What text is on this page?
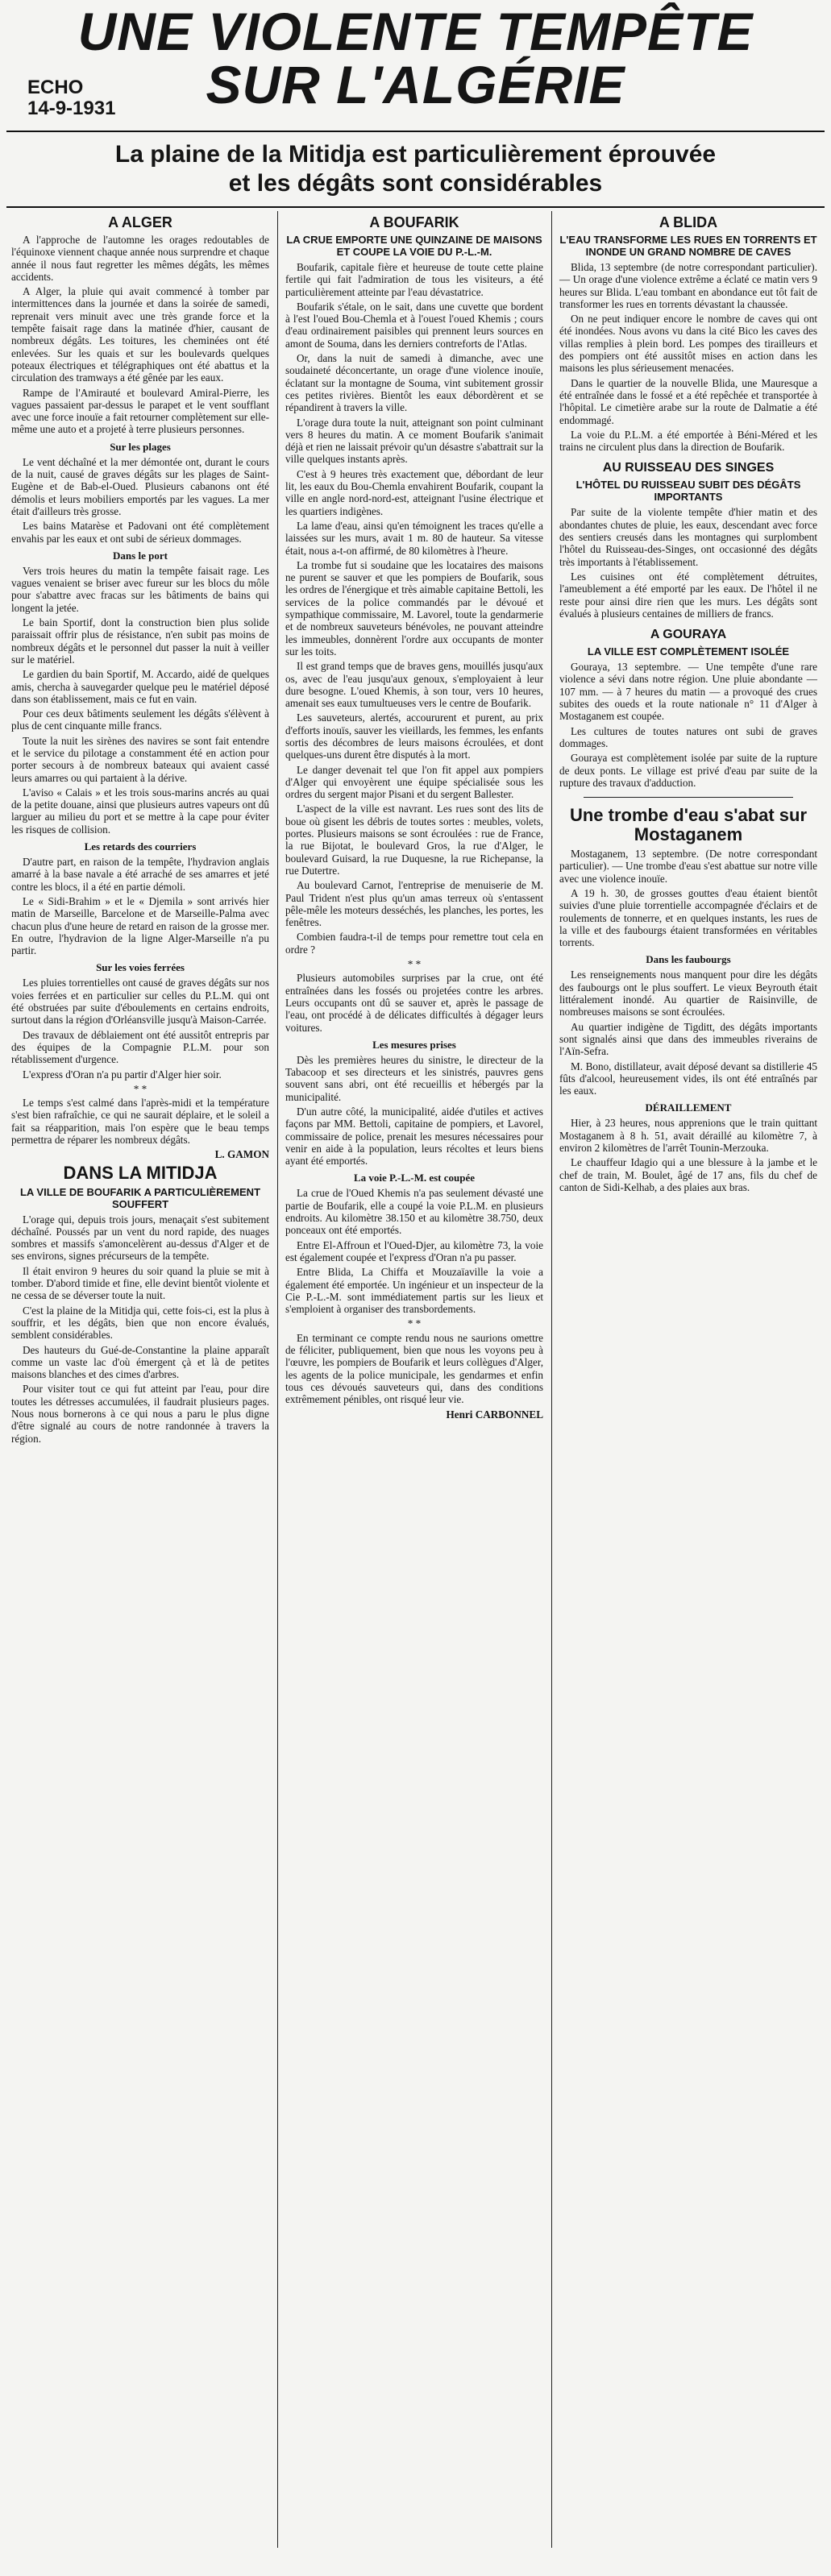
UNE VIOLENTE TEMPÊTE
SUR L'ALGÉRIE
ECHO
14-9-1931
La plaine de la Mitidja est particulièrement éprouvée
et les dégâts sont considérables
A ALGER

A l'approche de l'automne les orages redoutables de l'équinoxe viennent chaque année nous surprendre et chaque année il nous faut regretter les mêmes dégâts, les mêmes accidents.

A Alger, la pluie qui avait commencé à tomber par intermittences dans la journée et dans la soirée de samedi, reprenait vers minuit avec une très grande force et la tempête faisait rage dans la matinée d'hier, causant de nombreux dégâts. Les toitures, les cheminées ont été enlevées. Sur les quais et sur les boulevards quelques poteaux électriques et télégraphiques ont été abattus et la circulation des tramways a été gênée par les eaux.

Rampe de l'Amirauté et boulevard Amiral-Pierre, les vagues passaient par-dessus le parapet et le vent soufflant avec une force inouïe a fait retourner complètement sur elle-même une auto et a projeté à terre plusieurs personnes.

Sur les plages

Le vent déchaîné et la mer démontée ont, durant le cours de la nuit, causé de graves dégâts sur les plages de Saint-Eugène et de Bab-el-Oued. Plusieurs cabanons ont été démolis et leurs mobiliers emportés par les vagues. La mer était d'ailleurs très grosse.

Les bains Matarèse et Padovani ont été complètement envahis par les eaux et ont subi de sérieux dommages.

Dans le port

Vers trois heures du matin la tempête faisait rage. Les vagues venaient se briser avec fureur sur les blocs du môle pour s'abattre avec fracas sur les bâtiments de bains qui longent la jetée.

Le bain Sportif, dont la construction bien plus solide paraissait offrir plus de résistance, n'en subit pas moins de nombreux dégâts et le personnel dut passer la nuit à veiller sur le matériel.

Le gardien du bain Sportif, M. Accardo, aidé de quelques amis, chercha à sauvegarder quelque peu le matériel déposé dans son établissement, mais ce fut en vain.

Pour ces deux bâtiments seulement les dégâts s'élèvent à plus de cent cinquante mille francs.

Toute la nuit les sirènes des navires se sont fait entendre et le service du pilotage a constamment été en action pour porter secours à de nombreux bateaux qui avaient cassé leurs amarres ou qui partaient à la dérive.

L'aviso « Calais » et les trois sous-marins ancrés au quai de la petite douane, ainsi que plusieurs autres vapeurs ont dû larguer au milieu du port et se mettre à la cape pour éviter les risques de collision.

Les retards des courriers

D'autre part, en raison de la tempête, l'hydravion anglais amarré à la base navale a été arraché de ses amarres et jeté contre les blocs, il a été en partie démoli.

Le « Sidi-Brahim » et le « Djemila » sont arrivés hier matin de Marseille, Barcelone et de Marseille-Palma avec chacun plus d'une heure de retard en raison de la grosse mer. En outre, l'hydravion de la ligne Alger-Marseille n'a pu partir.

Sur les voies ferrées

Les pluies torrentielles ont causé de graves dégâts sur nos voies ferrées et en particulier sur celles du P.L.M. qui ont été obstruées par suite d'éboulements en certains endroits, surtout dans la région d'Orléansville jusqu'à Maison-Carrée.

Des travaux de déblaiement ont été aussitôt entrepris par des équipes de la Compagnie P.L.M. pour son rétablissement d'urgence.

L'express d'Oran n'a pu partir d'Alger hier soir.

* *

Le temps s'est calmé dans l'après-midi et la température s'est bien rafraîchie, ce qui ne saurait déplaire, et le soleil a fait sa réapparition, mais l'on espère que le beau temps permettra de réparer les nombreux dégâts.

L. GAMON

DANS LA MITIDJA
LA VILLE DE BOUFARIK A PARTICULIÈREMENT SOUFFERT

L'orage qui, depuis trois jours, menaçait s'est subitement déchaîné. Poussés par un vent du nord rapide, des nuages sombres et massifs s'amoncelèrent au-dessus d'Alger et de ses environs, signes précurseurs de la tempête.

Il était environ 9 heures du soir quand la pluie se mit à tomber. D'abord timide et fine, elle devint bientôt violente et ne cessa de se déverser toute la nuit.

C'est la plaine de la Mitidja qui, cette fois-ci, est la plus à souffrir, et les dégâts, bien que non encore évalués, semblent considérables.

Des hauteurs du Gué-de-Constantine la plaine apparaît comme un vaste lac d'où émergent çà et là de petites maisons blanches et des cimes d'arbres.

Pour visiter tout ce qui fut atteint par l'eau, pour dire toutes les détresses accumulées, il faudrait plusieurs pages. Nous nous bornerons à ce qui nous a paru le plus digne d'être signalé au cours de notre randonnée à travers la région.

A BOUFARIK
LA CRUE EMPORTE UNE QUINZAINE DE MAISONS ET COUPE LA VOIE DU P.-L.-M.

Boufarik, capitale fière et heureuse de toute cette plaine fertile qui fait l'admiration de tous les visiteurs, a été particulièrement atteinte par l'eau dévastatrice.

Boufarik s'étale, on le sait, dans une cuvette que bordent à l'est l'oued Bou-Chemla et à l'ouest l'oued Khemis ; cours d'eau ordinairement paisibles qui prennent leurs sources en amont de Souma, dans les derniers contreforts de l'Atlas.

Or, dans la nuit de samedi à dimanche, avec une soudaineté déconcertante, un orage d'une violence inouïe, éclatant sur la montagne de Souma, vint subitement grossir ces petites rivières. Bientôt les eaux débordèrent et se répandirent à travers la ville.

L'orage dura toute la nuit, atteignant son point culminant vers 8 heures du matin. A ce moment Boufarik s'animait déjà et rien ne laissait prévoir qu'un désastre s'abattrait sur la ville quelques instants après.

C'est à 9 heures très exactement que, débordant de leur lit, les eaux du Bou-Chemla envahirent Boufarik, coupant la ville en angle nord-nord-est, atteignant l'usine électrique et les quartiers indigènes.

La lame d'eau, ainsi qu'en témoignent les traces qu'elle a laissées sur les murs, avait 1 m. 80 de hauteur. Sa vitesse était, nous a-t-on affirmé, de 80 kilomètres à l'heure.

La trombe fut si soudaine que les locataires des maisons ne purent se sauver et que les pompiers de Boufarik, sous les ordres de l'énergique et très aimable capitaine Bettoli, les services de la police commandés par le dévoué et sympathique commissaire, M. Lavorel, toute la gendarmerie et de nombreux sauveteurs bénévoles, ne pouvant atteindre les immeubles, donnèrent l'ordre aux occupants de monter sur les toits.

Il est grand temps que de braves gens, mouillés jusqu'aux os, avec de l'eau jusqu'aux genoux, s'employaient à leur dure besogne. L'oued Khemis, à son tour, vers 10 heures, amenait ses eaux tumultueuses vers le centre de Boufarik.

Les sauveteurs, alertés, accoururent et purent, au prix d'efforts inouïs, sauver les vieillards, les femmes, les enfants sortis des décombres de leurs maisons écroulées, et dont quelques-uns durent être disputés à la mort.

Le danger devenait tel que l'on fit appel aux pompiers d'Alger qui envoyèrent une équipe spécialisée sous les ordres du sergent major Pisani et du sergent Ballester.

L'aspect de la ville est navrant. Les rues sont des lits de boue où gisent les débris de toutes sortes : meubles, volets, portes. Plusieurs maisons se sont écroulées : rue de France, la rue Bijotat, le boulevard Gros, la rue d'Alger, le boulevard Guisard, la rue Duquesne, la rue Richepanse, la rue Dutertre.

Au boulevard Carnot, l'entreprise de menuiserie de M. Paul Trident n'est plus qu'un amas terreux où s'entassent pêle-mêle les moteurs desséchés, les planches, les portes, les fenêtres.

Combien faudra-t-il de temps pour remettre tout cela en ordre ?

* *

Plusieurs automobiles surprises par la crue, ont été entraînées dans les fossés ou projetées contre les arbres. Leurs occupants ont dû se sauver et, après le passage de l'eau, ont procédé à de délicates difficultés à dégager leurs voitures.

Les mesures prises

Dès les premières heures du sinistre, le directeur de la Tabacoop et ses directeurs et les sinistrés, pauvres gens souvent sans abri, ont été recueillis et hébergés par la municipalité.

D'un autre côté, la municipalité, aidée d'utiles et actives façons par MM. Bettoli, capitaine de pompiers, et Lavorel, commissaire de police, prenait les mesures nécessaires pour venir en aide à la population, leurs récoltes et leurs biens ayant été emportés.

La voie P.-L.-M. est coupée

La crue de l'Oued Khemis n'a pas seulement dévasté une partie de Boufarik, elle a coupé la voie P.L.M. en plusieurs endroits. Au kilomètre 38.150 et au kilomètre 38.750, deux ponceaux ont été emportés.

Entre El-Affroun et l'Oued-Djer, au kilomètre 73, la voie est également coupée et l'express d'Oran n'a pu passer.

Entre Blida, La Chiffa et Mouzaïaville la voie a également été emportée. Un ingénieur et un inspecteur de la Cie P.-L.-M. sont immédiatement partis sur les lieux et s'emploient à organiser des transbordements.

* *

En terminant ce compte rendu nous ne saurions omettre de féliciter, publiquement, bien que nous les voyons peu à l'œuvre, les pompiers de Boufarik et leurs collègues d'Alger, les agents de la police municipale, les gendarmes et enfin tous ces dévoués sauveteurs qui, dans des conditions extrêmement pénibles, ont risqué leur vie.

Henri CARBONNEL

A BLIDA
L'EAU TRANSFORME LES RUES EN TORRENTS ET INONDE UN GRAND NOMBRE DE CAVES

Blida, 13 septembre (de notre correspondant particulier). — Un orage d'une violence extrême a éclaté ce matin vers 9 heures sur Blida. L'eau tombant en abondance eut tôt fait de transformer les rues en torrents dévastant la chaussée.

On ne peut indiquer encore le nombre de caves qui ont été inondées. Nous avons vu dans la cité Bico les caves des villas remplies à plein bord. Les pompes des tirailleurs et des pompiers ont été aussitôt mises en action dans les maisons les plus sérieusement menacées.

Dans le quartier de la nouvelle Blida, une Mauresque a été entraînée dans le fossé et a été repêchée et transportée à l'hôpital. Le cimetière arabe sur la route de Dalmatie a été endommagé.

La voie du P.L.M. a été emportée à Béni-Méred et les trains ne circulent plus dans la direction de Boufarik.

AU RUISSEAU DES SINGES
L'HÔTEL DU RUISSEAU SUBIT DES DÉGÂTS IMPORTANTS

Par suite de la violente tempête d'hier matin et des abondantes chutes de pluie, les eaux, descendant avec force des sentiers creusés dans les montagnes qui surplombent l'hôtel du Ruisseau-des-Singes, ont occasionné des dégâts très importants à l'établissement.

Les cuisines ont été complètement détruites, l'ameublement a été emporté par les eaux. De l'hôtel il ne reste pour ainsi dire rien que les murs. Les dégâts sont évalués à plusieurs centaines de milliers de francs.

A GOURAYA
LA VILLE EST COMPLÈTEMENT ISOLÉE

Gouraya, 13 septembre. — Une tempête d'une rare violence a sévi dans notre région. Une pluie abondante — 107 mm. — à 7 heures du matin — a provoqué des crues subites des oueds et la route nationale n° 11 d'Alger à Mostaganem est coupée.

Les cultures de toutes natures ont subi de graves dommages.

Gouraya est complètement isolée par suite de la rupture de deux ponts. Le village est privé d'eau par suite de la rupture des travaux d'adduction.

Une trombe d'eau s'abat sur Mostaganem

Mostaganem, 13 septembre. (De notre correspondant particulier). — Une trombe d'eau s'est abattue sur notre ville avec une violence inouïe.

A 19 h. 30, de grosses gouttes d'eau étaient bientôt suivies d'une pluie torrentielle accompagnée d'éclairs et de roulements de tonnerre, et en quelques instants, les rues de la ville et des faubourgs étaient transformées en véritables torrents.

Dans les faubourgs

Les renseignements nous manquent pour dire les dégâts des faubourgs ont le plus souffert. Le vieux Beyrouth était littéralement inondé. Au quartier de Raisinville, de nombreuses maisons se sont écroulées.

Au quartier indigène de Tigditt, des dégâts importants sont signalés ainsi que dans des immeubles riverains de l'Aïn-Sefra.

M. Bono, distillateur, avait déposé devant sa distillerie 45 fûts d'alcool, heureusement vides, ils ont été entraînés par les eaux.

DÉRAILLEMENT

Hier, à 23 heures, nous apprenions que le train quittant Mostaganem à 8 h. 51, avait déraillé au kilomètre 7, à environ 2 kilomètres de l'arrêt Tounin-Merzouka.

Le chauffeur Idagio qui a une blessure à la jambe et le chef de train, M. Boulet, âgé de 17 ans, fils du chef de canton de Sidi-Kelhab, a des plaies aux bras.
